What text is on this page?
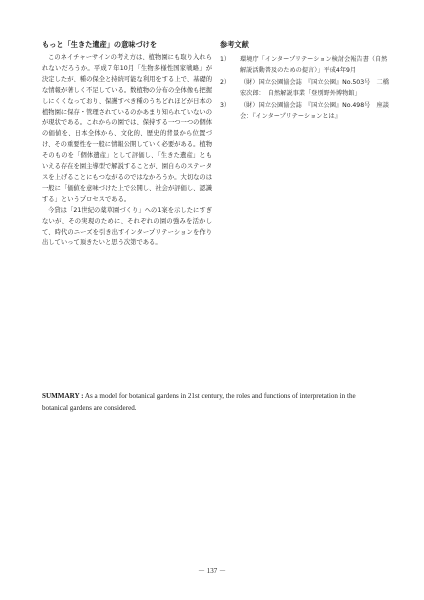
もっと「生きた遺産」の意味づけを

このネイチャーサインの考え方は、植物園にも取り入れられないだろうか。平成７年10月「生物多様性国家戦略」が決定したが、種の保全と持続可能な利用をする上で、基礎的な情報が著しく不足している。数植物の分布の全体像も把握しにくくなっており、保護すべき種のうちどれほどが日本の植物園に保存・管理されているのかあまり知られていないのが現状である。これからの園では、保持する一つ一つの個体の価値を、日本全体から、文化的、歴史的背景から位置づけ、その重要性を一般に情報公開していく必要がある。植物そのものを「個体遺産」として評価し、「生きた遺産」ともいえる存在を園主導型で解説することが、園自らのステータスを上げることにもつながるのではなかろうか。大切なのは一般に「価値を意味づけた上で公開し、社会が評価し、認識する」というプロセスである。

今貸は「21世紀の薬草園づくり」への1案を示したにすぎないが、その実現のために、それぞれの園の強みを活かして、時代のニーズを引き出すインタープリテーションを作り出していって頂きたいと思う次第である。

参考文献
1）	環境庁「インタープリテーション検討会報告書（自然解説活動普及のための提言）」平成4年9月
2）	（財）国立公園協会誌　『国立公園』No.503号　二橋宏次郎：　自然解説事業「登別野外博物館」
3）	（財）国立公園協会誌　『国立公園』No.498号　座談会：『インタープリテーションとは』
SUMMARY : As a model for botanical gardens in 21st century, the roles and functions of interpretation in the botanical gardens are considered.
－ 137 －
